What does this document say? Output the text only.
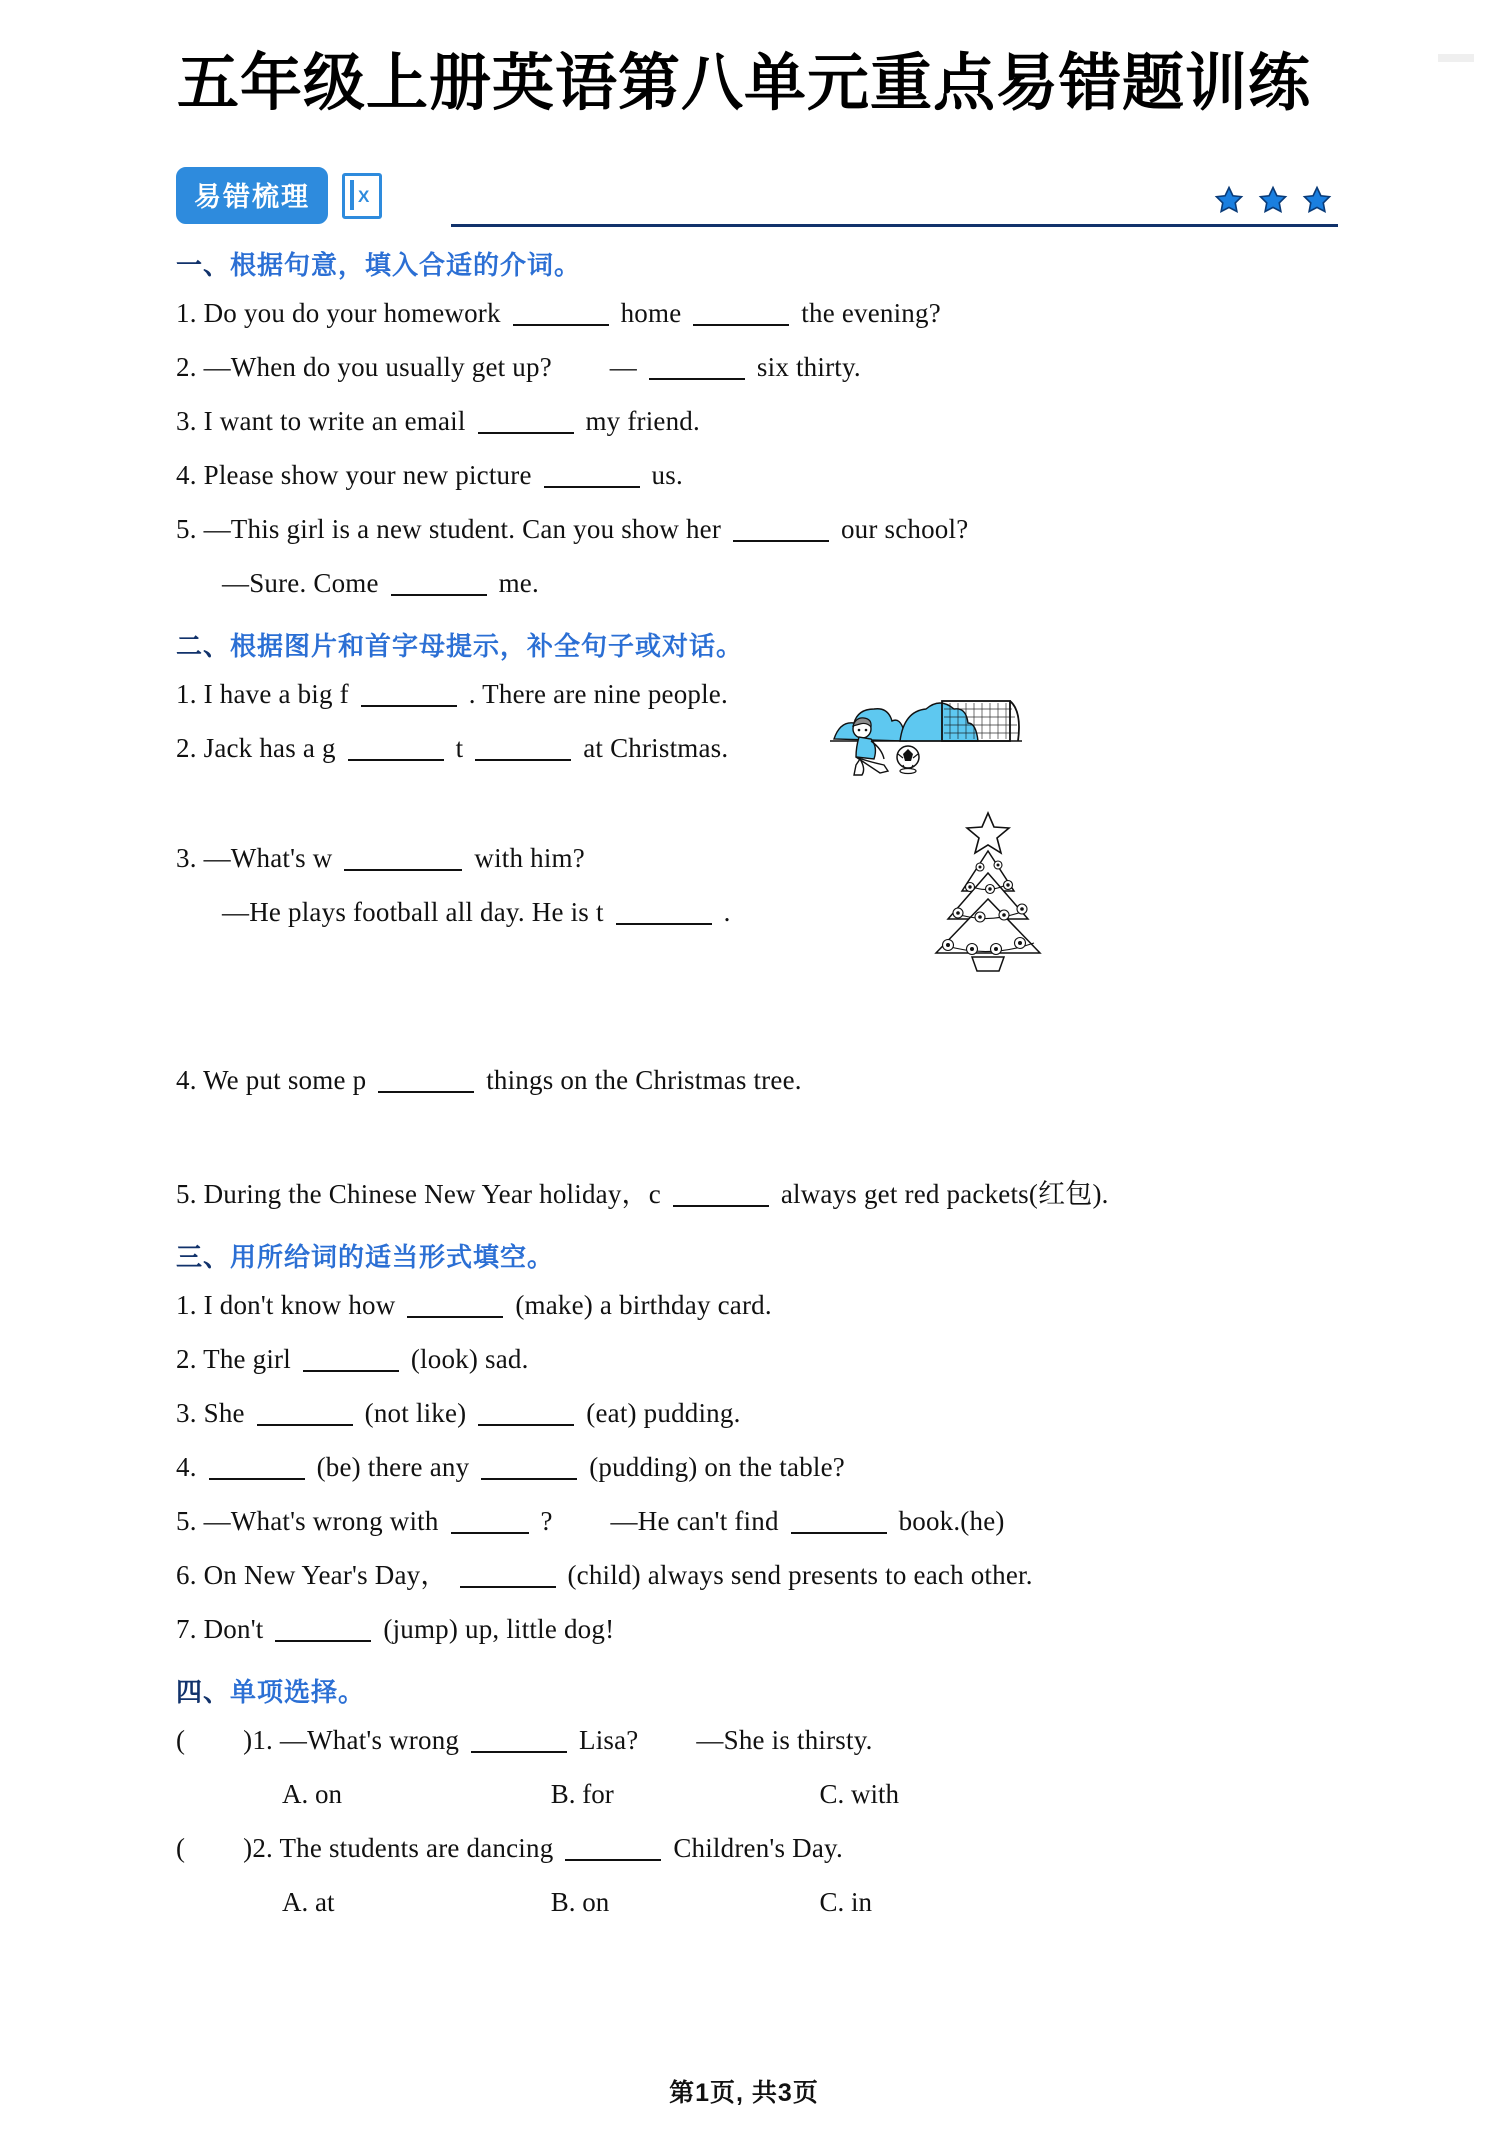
五年级上册英语第八单元重点易错题训练
易错梳理 X
一、根据句意，填入合适的介词。
1. Do you do your homework	home	the evening?
2. —When do you usually get up? —	six thirty.
3. I want to write an email	my friend.
4. Please show your new picture	us.
5. —This girl is a new student. Can you show her	our school?
—Sure. Come	me.
二、根据图片和首字母提示，补全句子或对话。
1. I have a big f	. There are nine people.
2. Jack has a g	t	at Christmas.
3. —What's w	with him?
—He plays football all day. He is t	.
4. We put some p	things on the Christmas tree.
5. During the Chinese New Year holiday，c	always get red packets(红包).
三、用所给词的适当形式填空。
1. I don't know how	(make) a birthday card.
2. The girl	(look) sad.
3. She	(not like)	(eat) pudding.
4.	(be) there any	(pudding) on the table?
5. —What's wrong with	? —He can't find	book.(he)
6. On New Year's Day，	(child) always send presents to each other.
7. Don't	(jump) up, little dog!
四、单项选择。
( )1. —What's wrong	Lisa? —She is thirsty.
A. on	B. for	C. with
( )2. The students are dancing	Children's Day.
A. at	B. on	C. in
第1页, 共3页
